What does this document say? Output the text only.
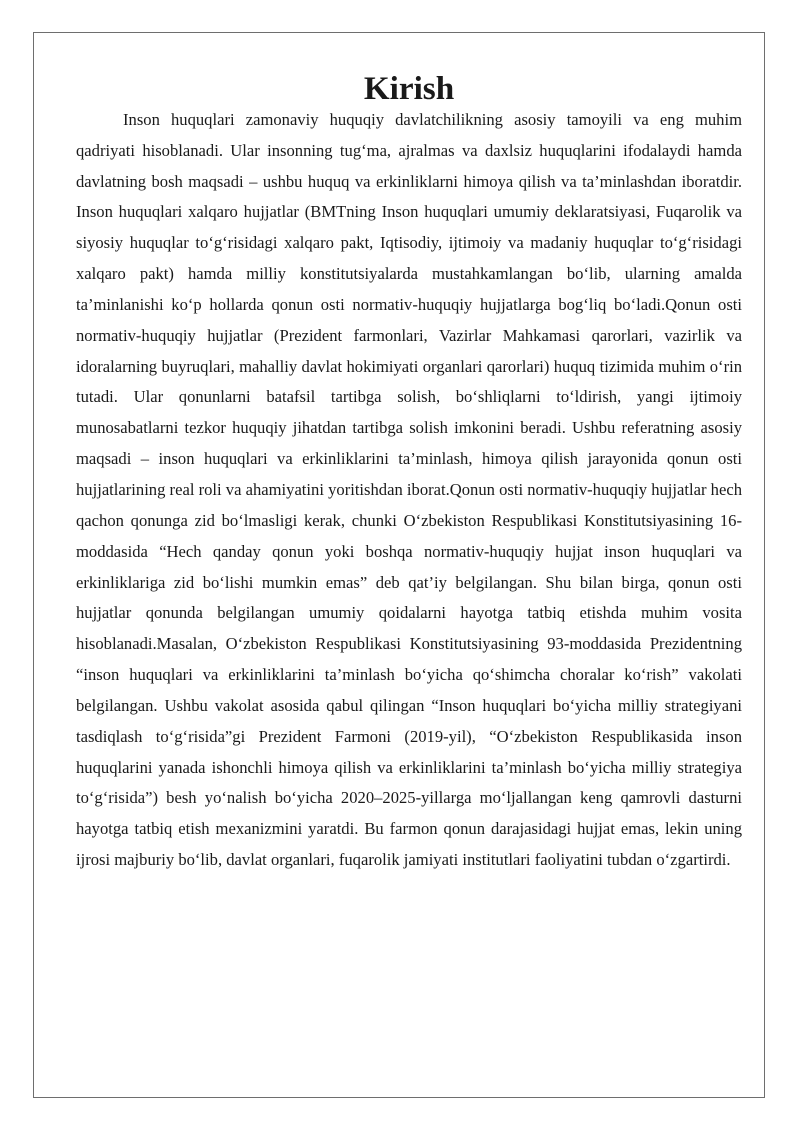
Kirish

Inson huquqlari zamonaviy huquqiy davlatchilikning asosiy tamoyili va eng muhim qadriyati hisoblanadi. Ular insonning tug‘ma, ajralmas va daxlsiz huquqlarini ifodalaydi hamda davlatning bosh maqsadi – ushbu huquq va erkinliklarni himoya qilish va ta’minlashdan iboratdir. Inson huquqlari xalqaro hujjatlar (BMTning Inson huquqlari umumiy deklaratsiyasi, Fuqarolik va siyosiy huquqlar to‘g‘risidagi xalqaro pakt, Iqtisodiy, ijtimoiy va madaniy huquqlar to‘g‘risidagi xalqaro pakt) hamda milliy konstitutsiyalarda mustahkamlangan bo‘lib, ularning amalda ta’minlanishi ko‘p hollarda qonun osti normativ-huquqiy hujjatlarga bog‘liq bo‘ladi.Qonun osti normativ-huquqiy hujjatlar (Prezident farmonlari, Vazirlar Mahkamasi qarorlari, vazirlik va idoralarning buyruqlari, mahalliy davlat hokimiyati organlari qarorlari) huquq tizimida muhim o‘rin tutadi. Ular qonunlarni batafsil tartibga solish, bo‘shliqlarni to‘ldirish, yangi ijtimoiy munosabatlarni tezkor huquqiy jihatdan tartibga solish imkonini beradi. Ushbu referatning asosiy maqsadi – inson huquqlari va erkinliklarini ta’minlash, himoya qilish jarayonida qonun osti hujjatlarining real roli va ahamiyatini yoritishdan iborat.Qonun osti normativ-huquqiy hujjatlar hech qachon qonunga zid bo‘lmasligi kerak, chunki O‘zbekiston Respublikasi Konstitutsiyasining 16-moddasida “Hech qanday qonun yoki boshqa normativ-huquqiy hujjat inson huquqlari va erkinliklariga zid bo‘lishi mumkin emas” deb qat’iy belgilangan. Shu bilan birga, qonun osti hujjatlar qonunda belgilangan umumiy qoidalarni hayotga tatbiq etishda muhim vosita hisoblanadi.Masalan, O‘zbekiston Respublikasi Konstitutsiyasining 93-moddasida Prezidentning “inson huquqlari va erkinliklarini ta’minlash bo‘yicha qo‘shimcha choralar ko‘rish” vakolati belgilangan. Ushbu vakolat asosida qabul qilingan “Inson huquqlari bo‘yicha milliy strategiyani tasdiqlash to‘g‘risida”gi Prezident Farmoni (2019-yil), “O‘zbekiston Respublikasida inson huquqlarini yanada ishonchli himoya qilish va erkinliklarini ta’minlash bo‘yicha milliy strategiya to‘g‘risida”) besh yo‘nalish bo‘yicha 2020–2025-yillarga mo‘ljallangan keng qamrovli dasturni hayotga tatbiq etish mexanizmini yaratdi. Bu farmon qonun darajasidagi hujjat emas, lekin uning ijrosi majburiy bo‘lib, davlat organlari, fuqarolik jamiyati institutlari faoliyatini tubdan o‘zgartirdi.
